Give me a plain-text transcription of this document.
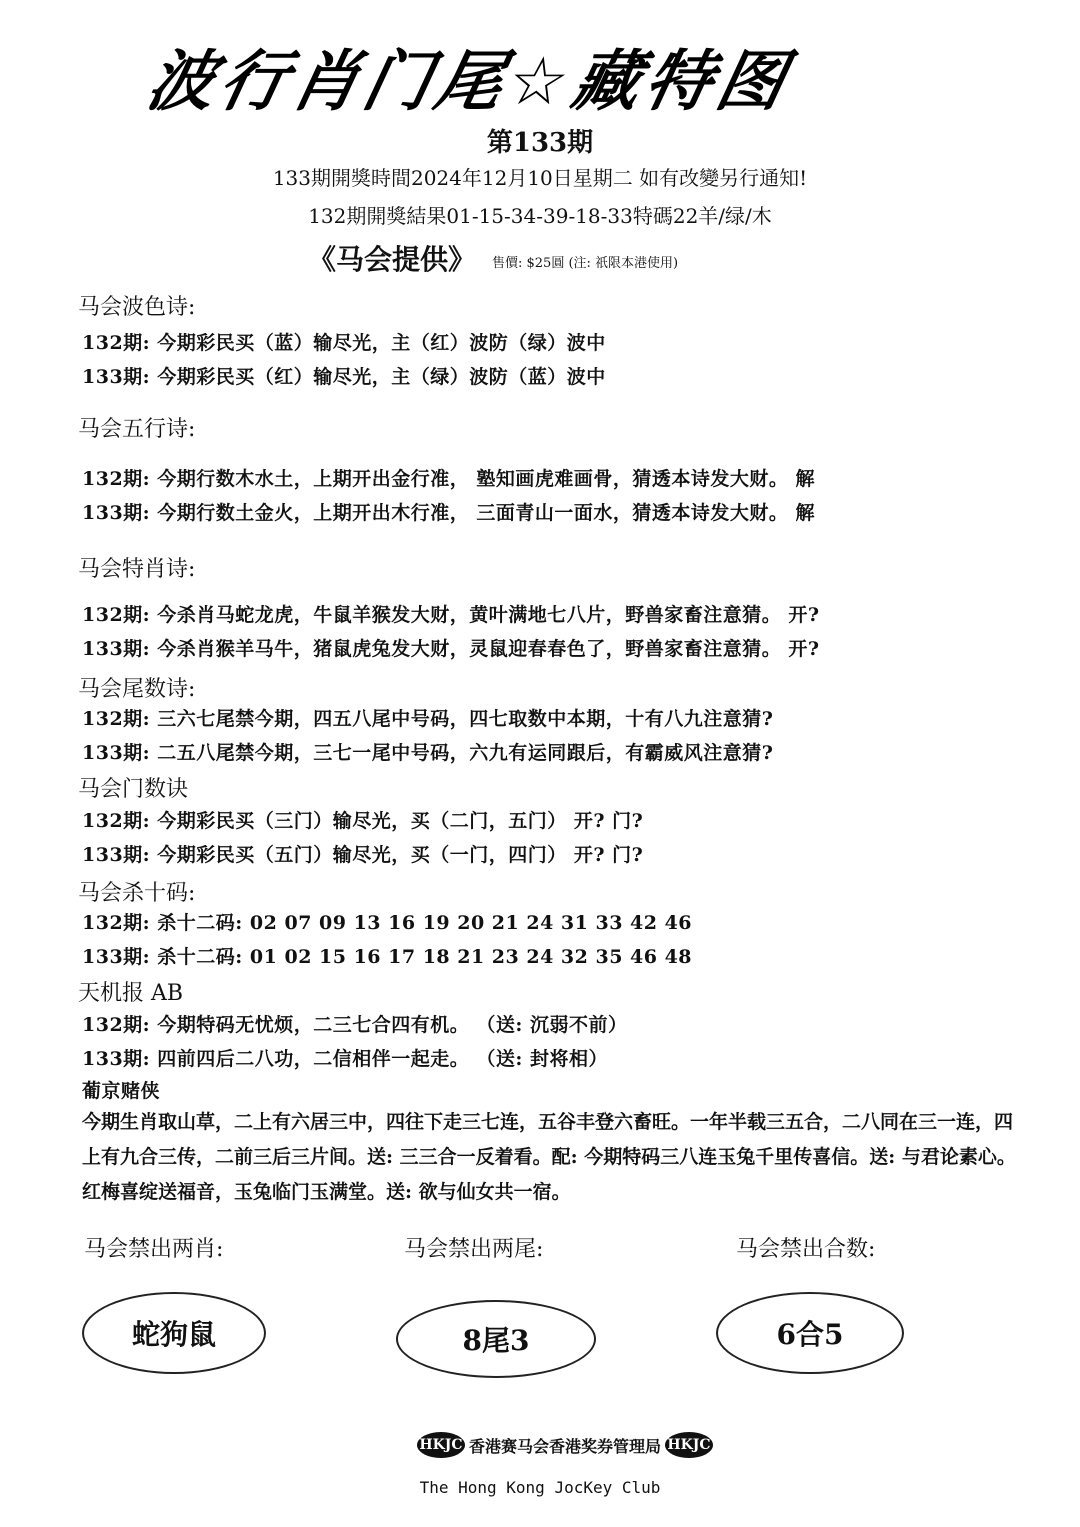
波行肖门尾☆藏特图
第133期
133期開獎時間2024年12月10日星期二 如有改變另行通知!
132期開獎結果01-15-34-39-18-33特碼22羊/绿/木
《马会提供》 售價: $25圓 (注: 祇限本港使用)
马会波色诗:
132期: 今期彩民买（蓝）输尽光，主（红）波防（绿）波中
133期: 今期彩民买（红）输尽光，主（绿）波防（蓝）波中
马会五行诗:
132期: 今期行数木水土，上期开出金行准， 塾知画虎难画骨，猜透本诗发大财。 解
133期: 今期行数土金火，上期开出木行准， 三面青山一面水，猜透本诗发大财。 解
马会特肖诗:
132期: 今杀肖马蛇龙虎，牛鼠羊猴发大财，黄叶满地七八片，野兽家畜注意猜。 开?
133期: 今杀肖猴羊马牛，猪鼠虎兔发大财，灵鼠迎春春色了，野兽家畜注意猜。 开?
马会尾数诗:
132期: 三六七尾禁今期，四五八尾中号码，四七取数中本期，十有八九注意猜?
133期: 二五八尾禁今期，三七一尾中号码，六九有运同跟后，有霸威风注意猜?
马会门数诀
132期: 今期彩民买（三门）输尽光，买（二门，五门） 开? 门?
133期: 今期彩民买（五门）输尽光，买（一门，四门） 开? 门?
马会杀十码:
132期: 杀十二码: 02 07 09 13 16 19 20 21 24 31 33 42 46
133期: 杀十二码: 01 02 15 16 17 18 21 23 24 32 35 46 48
天机报 AB
132期: 今期特码无忧烦，二三七合四有机。 （送: 沉弱不前）
133期: 四前四后二八功，二信相伴一起走。 （送: 封将相）
葡京赌侠
今期生肖取山草，二上有六居三中，四往下走三七连，五谷丰登六畜旺。一年半载三五合，二八同在三一连，四上有九合三传，二前三后三片间。送: 三三合一反着看。配: 今期特码三八连玉兔千里传喜信。送: 与君论素心。红梅喜绽送福音，玉兔临门玉满堂。送: 欲与仙女共一宿。
马会禁出两肖:	马会禁出两尾:	马会禁出合数:
蛇狗鼠	8尾3	6合5
HKJC 香港赛马会香港奖券管理局 HKJC
The Hong Kong JocKey Club
